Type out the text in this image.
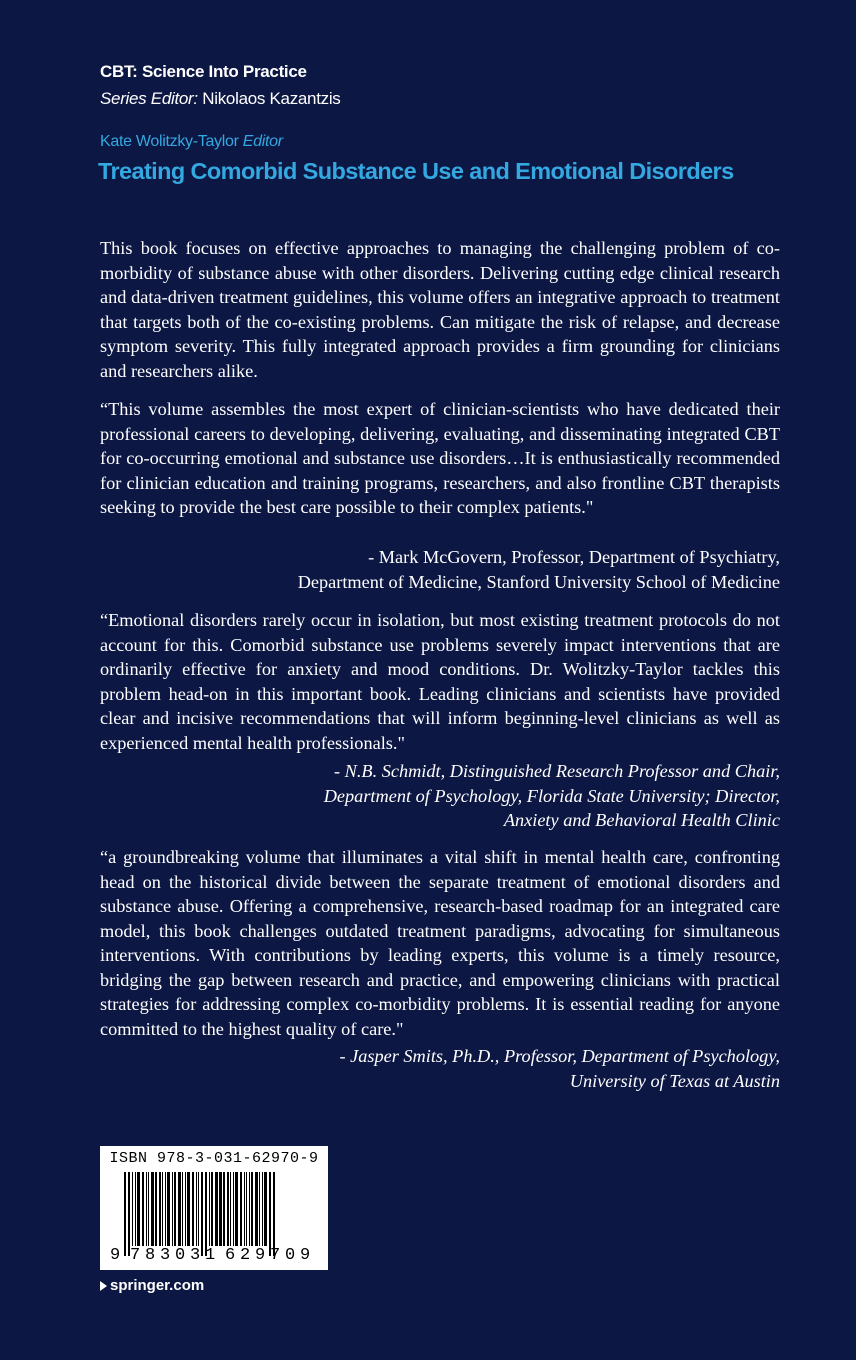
CBT: Science Into Practice
Series Editor: Nikolaos Kazantzis
Kate Wolitzky-Taylor Editor
Treating Comorbid Substance Use and Emotional Disorders

This book focuses on effective approaches to managing the challenging problem of co-morbidity of substance abuse with other disorders. Delivering cutting edge clinical research and data-driven treatment guidelines, this volume offers an integrative approach to treatment that targets both of the co-existing problems. Can mitigate the risk of relapse, and decrease symptom severity. This fully integrated approach provides a firm grounding for clinicians and researchers alike.

“This volume assembles the most expert of clinician-scientists who have dedicated their professional careers to developing, delivering, evaluating, and disseminating integrated CBT for co-occurring emotional and substance use disorders…It is enthusiastically recommended for clinician education and training programs, researchers, and also frontline CBT therapists seeking to provide the best care possible to their complex patients."

- Mark McGovern, Professor, Department of Psychiatry,
Department of Medicine, Stanford University School of Medicine

“Emotional disorders rarely occur in isolation, but most existing treatment protocols do not account for this. Comorbid substance use problems severely impact interventions that are ordinarily effective for anxiety and mood conditions. Dr. Wolitzky-Taylor tackles this problem head-on in this important book. Leading clinicians and scientists have provided clear and incisive recommendations that will inform beginning-level clinicians as well as experienced mental health professionals."

- N.B. Schmidt, Distinguished Research Professor and Chair,
Department of Psychology, Florida State University; Director,
Anxiety and Behavioral Health Clinic

“a groundbreaking volume that illuminates a vital shift in mental health care, confronting head on the historical divide between the separate treatment of emotional disorders and substance abuse. Offering a comprehensive, research-based roadmap for an integrated care model, this book challenges outdated treatment paradigms, advocating for simultaneous interventions. With contributions by leading experts, this volume is a timely resource, bridging the gap between research and practice, and empowering clinicians with practical strategies for addressing complex co-morbidity problems. It is essential reading for anyone committed to the highest quality of care."

- Jasper Smits, Ph.D., Professor, Department of Psychology,
University of Texas at Austin
ISBN 978-3-031-62970-9
9 783031 629709
springer.com
